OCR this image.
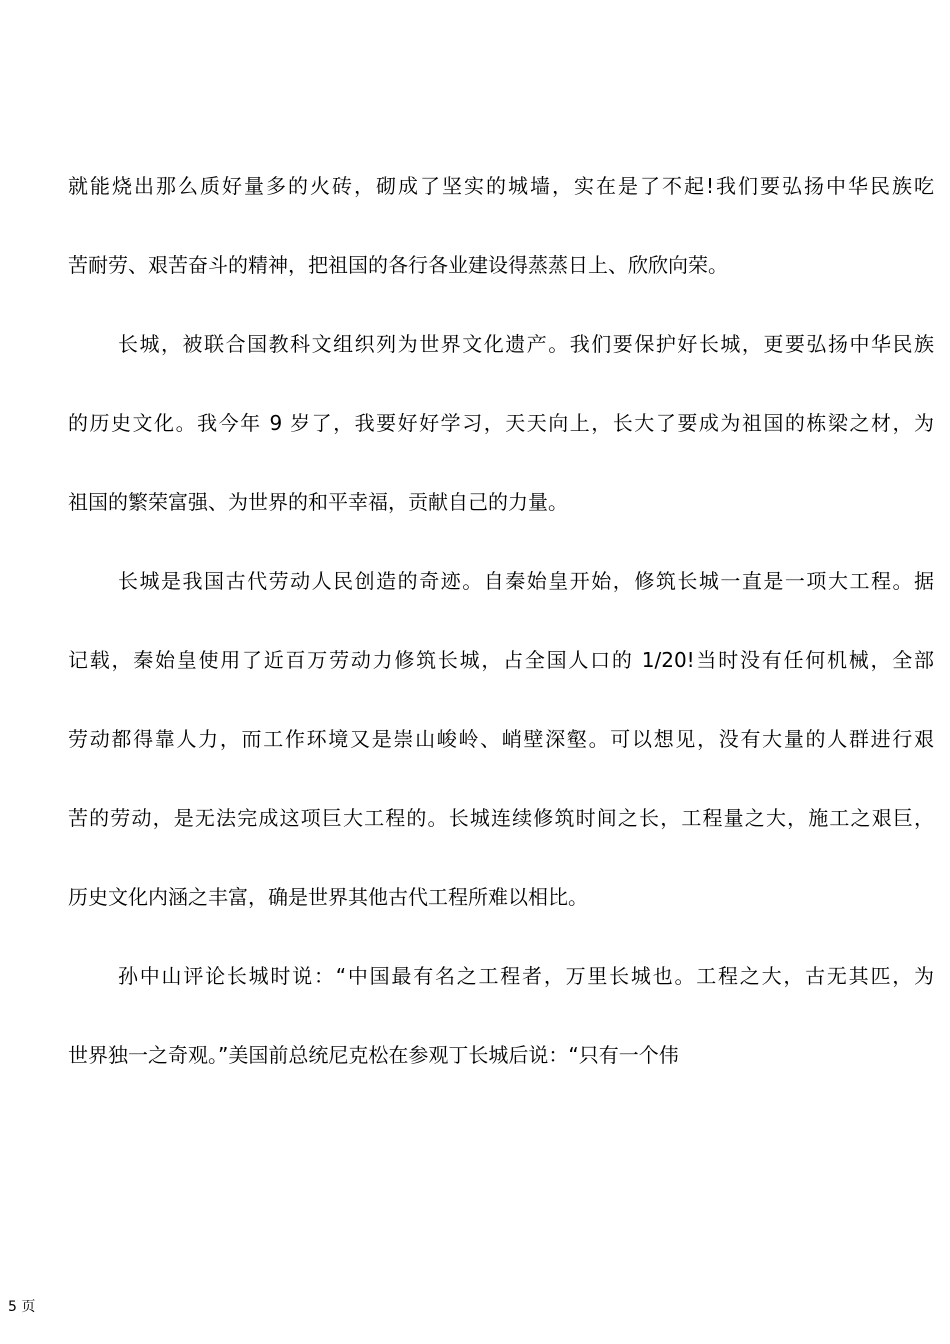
就能烧出那么质好量多的火砖，砌成了坚实的城墙，实在是了不起!我们要弘扬中华民族吃
苦耐劳、艰苦奋斗的精神，把祖国的各行各业建设得蒸蒸日上、欣欣向荣。
长城，被联合国教科文组织列为世界文化遗产。我们要保护好长城，更要弘扬中华民族
的历史文化。我今年 9 岁了，我要好好学习，天天向上，长大了要成为祖国的栋梁之材，为
祖国的繁荣富强、为世界的和平幸福，贡献自己的力量。
长城是我国古代劳动人民创造的奇迹。自秦始皇开始，修筑长城一直是一项大工程。据
记载，秦始皇使用了近百万劳动力修筑长城，占全国人口的 1/20!当时没有任何机械，全部
劳动都得靠人力，而工作环境又是崇山峻岭、峭壁深壑。可以想见，没有大量的人群进行艰
苦的劳动，是无法完成这项巨大工程的。长城连续修筑时间之长，工程量之大，施工之艰巨，
历史文化内涵之丰富，确是世界其他古代工程所难以相比。
孙中山评论长城时说：“中国最有名之工程者，万里长城也。工程之大，古无其匹，为
世界独一之奇观。”美国前总统尼克松在参观丁长城后说：“只有一个伟
5 页
